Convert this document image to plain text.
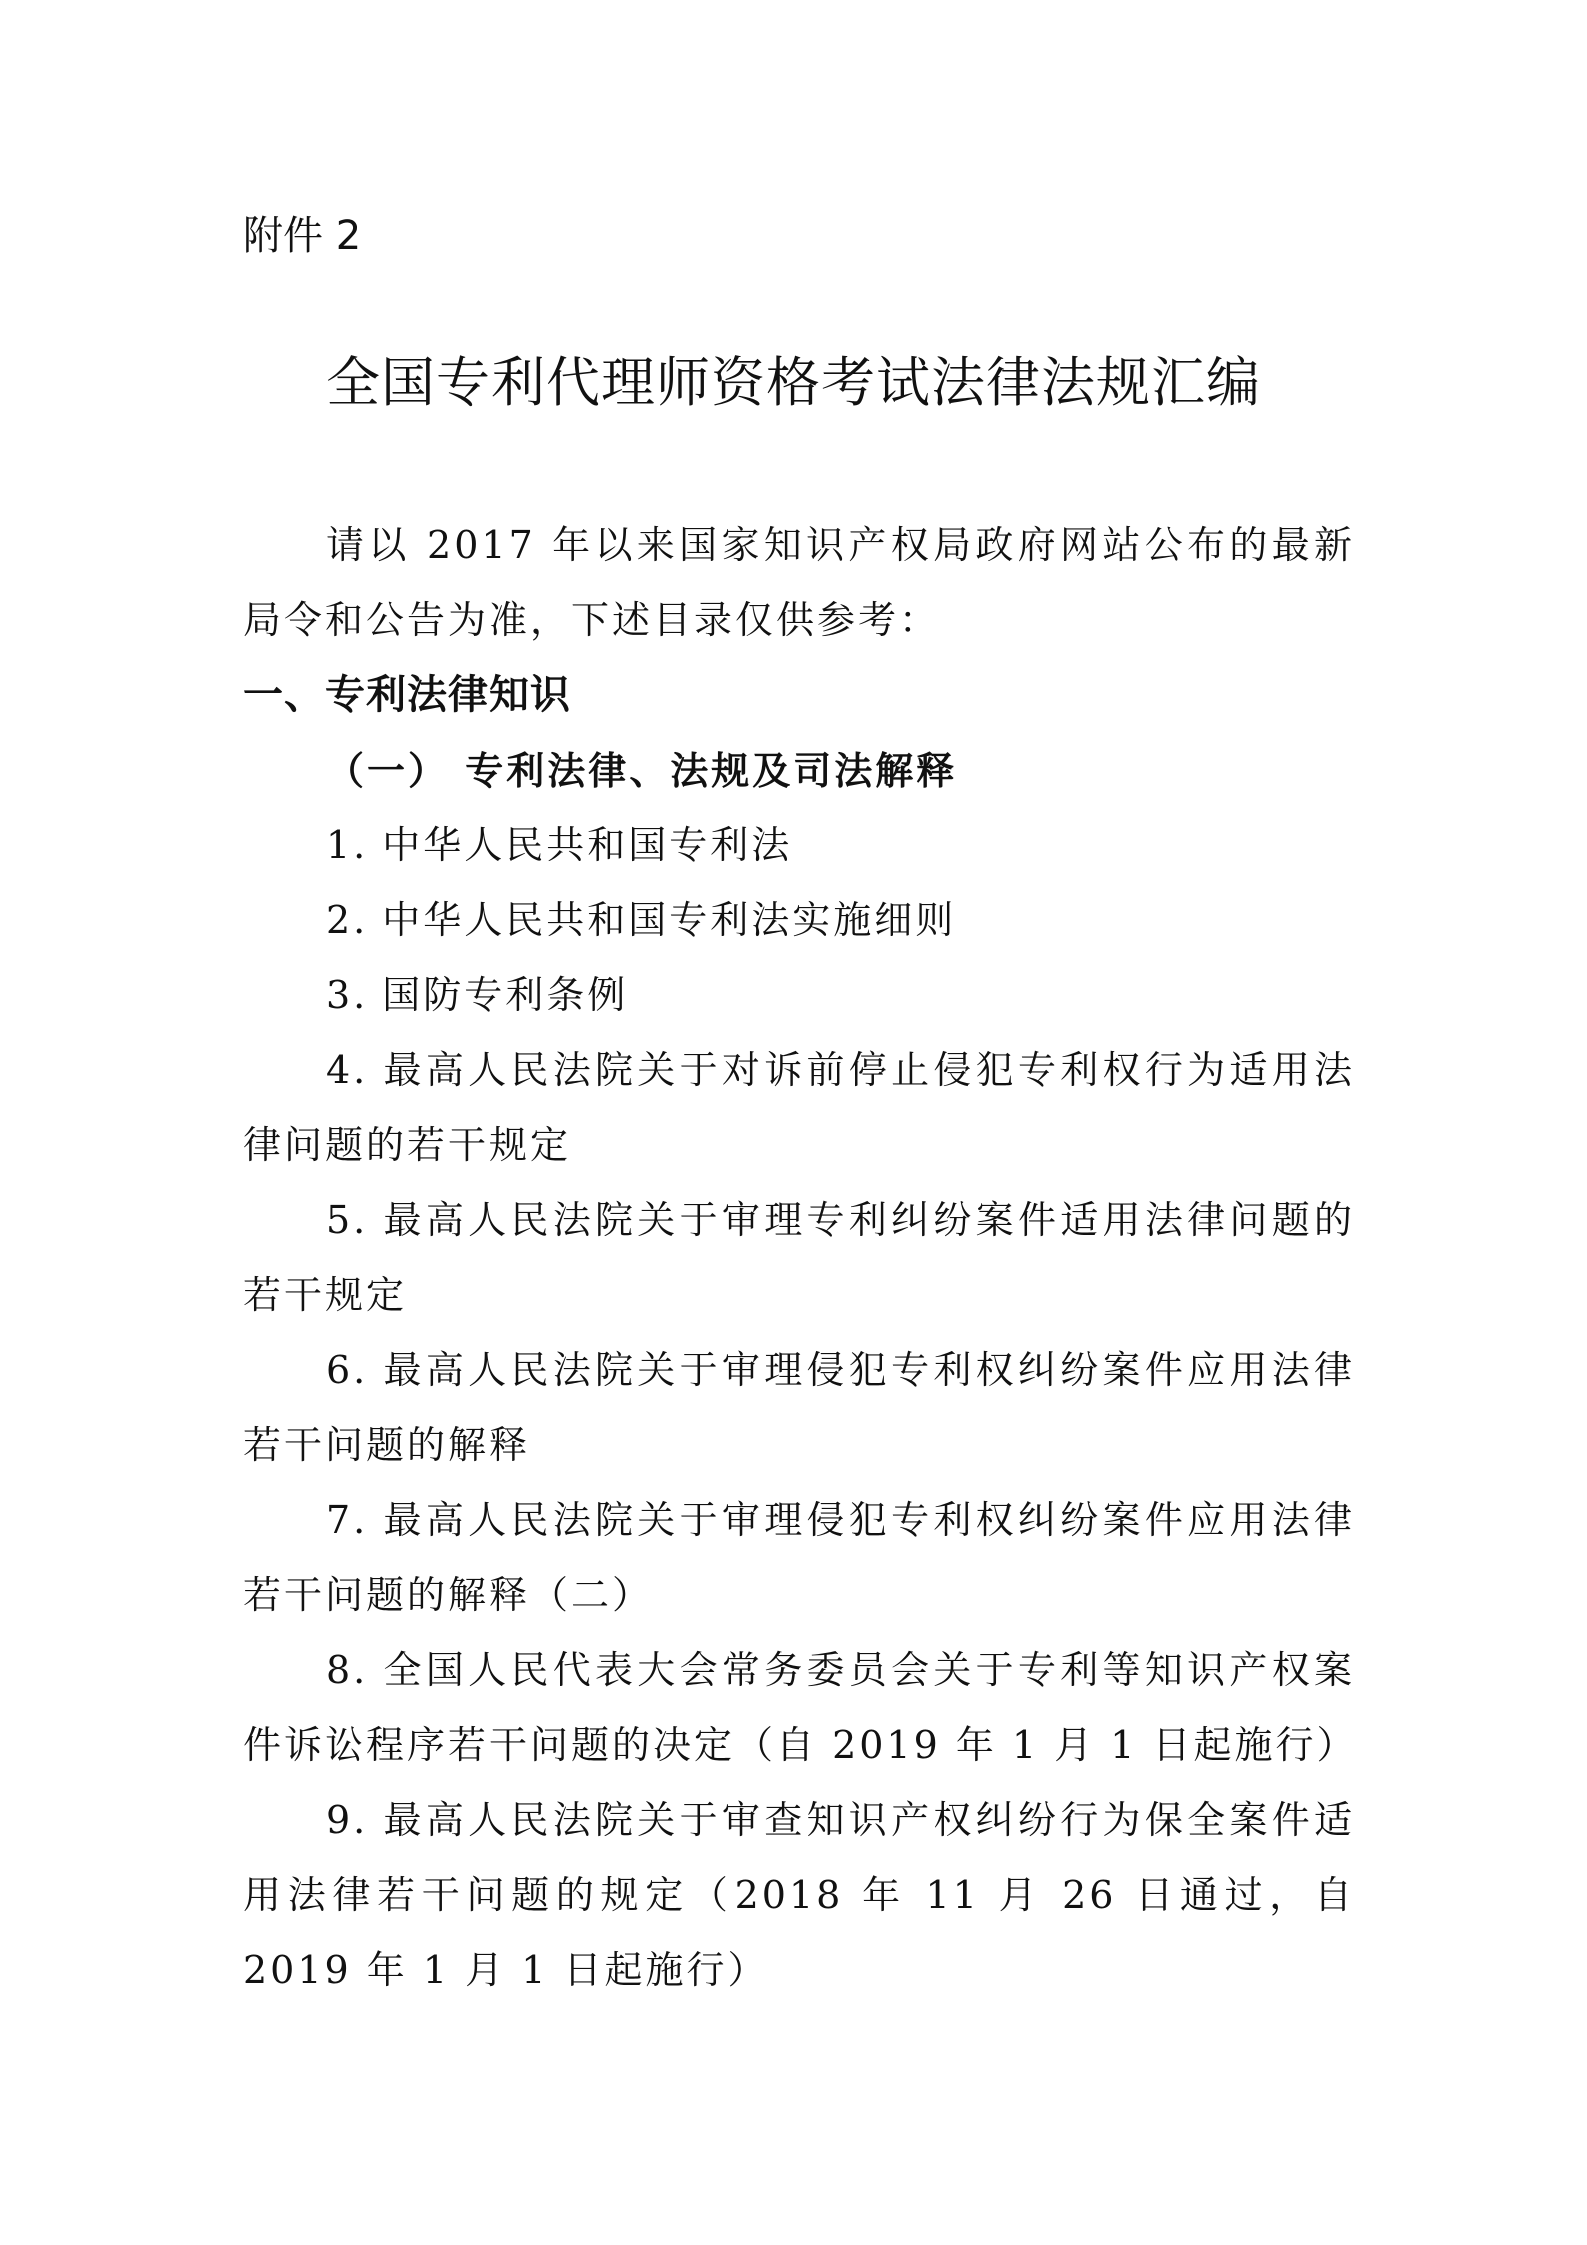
附件 2
全国专利代理师资格考试法律法规汇编

请以 2017 年以来国家知识产权局政府网站公布的最新局令和公告为准，下述目录仅供参考：

一、专利法律知识

（一） 专利法律、法规及司法解释

1. 中华人民共和国专利法

2. 中华人民共和国专利法实施细则

3. 国防专利条例

4. 最高人民法院关于对诉前停止侵犯专利权行为适用法律问题的若干规定

5. 最高人民法院关于审理专利纠纷案件适用法律问题的若干规定

6. 最高人民法院关于审理侵犯专利权纠纷案件应用法律若干问题的解释

7. 最高人民法院关于审理侵犯专利权纠纷案件应用法律若干问题的解释（二）

8. 全国人民代表大会常务委员会关于专利等知识产权案件诉讼程序若干问题的决定（自 2019 年 1 月 1 日起施行）

9. 最高人民法院关于审查知识产权纠纷行为保全案件适用法律若干问题的规定（2018 年 11 月 26 日通过，自 2019 年 1 月 1 日起施行）
